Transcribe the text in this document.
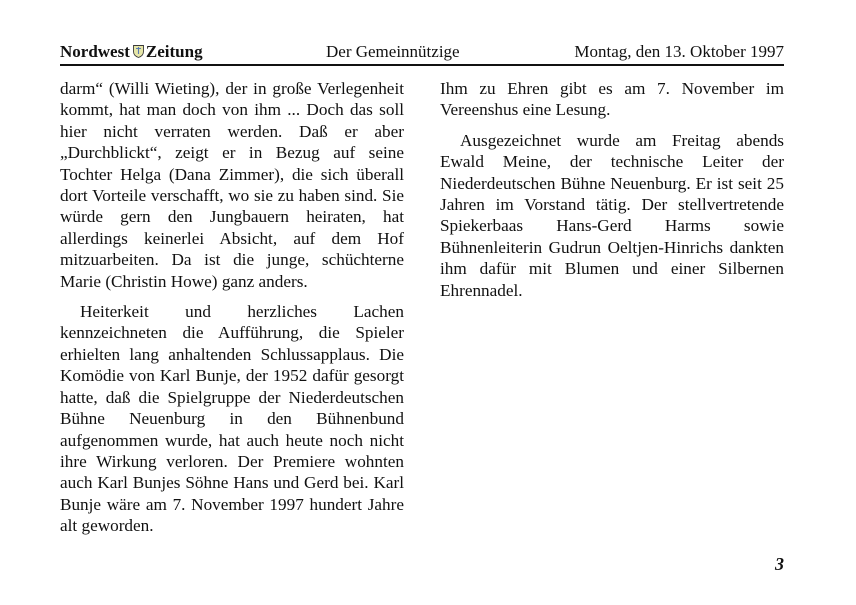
Nordwest Zeitung	Der Gemeinnützige	Montag, den 13. Oktober 1997

darm“ (Willi Wieting), der in große Verlegenheit kommt, hat man doch von ihm ... Doch das soll hier nicht verraten werden. Daß er aber „Durchblickt“, zeigt er in Bezug auf seine Tochter Helga (Dana Zimmer), die sich überall dort Vorteile verschafft, wo sie zu haben sind. Sie würde gern den Jungbauern heiraten, hat allerdings keinerlei Absicht, auf dem Hof mitzuarbeiten. Da ist die junge, schüchterne Marie (Christin Howe) ganz anders.

Heiterkeit und herzliches Lachen kennzeichneten die Aufführung, die Spieler erhielten lang anhaltenden Schlussapplaus. Die Komödie von Karl Bunje, der 1952 dafür gesorgt hatte, daß die Spielgruppe der Niederdeutschen Bühne Neuenburg in den Bühnenbund aufgenommen wurde, hat auch heute noch nicht ihre Wirkung verloren. Der Premiere wohnten auch Karl Bunjes Söhne Hans und Gerd bei. Karl Bunje wäre am 7. November 1997 hundert Jahre alt geworden.

Ihm zu Ehren gibt es am 7. November im Vereenshus eine Lesung.

Ausgezeichnet wurde am Freitag abends Ewald Meine, der technische Leiter der Niederdeutschen Bühne Neuenburg. Er ist seit 25 Jahren im Vorstand tätig. Der stellvertretende Spiekerbaas Hans-Gerd Harms sowie Bühnenleiterin Gudrun Oeltjen-Hinrichs dankten ihm dafür mit Blumen und einer Silbernen Ehrennadel.

3
